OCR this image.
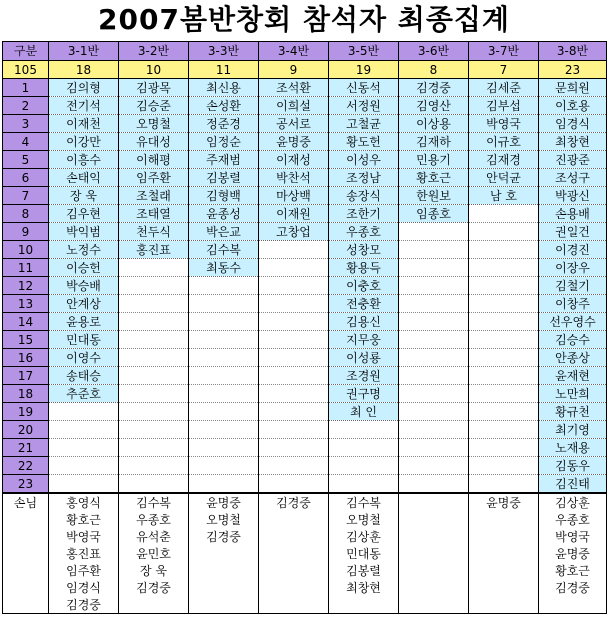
2007봄반창회 참석자 최종집계
구분	3-1반	3-2반	3-3반	3-4반	3-5반	3-6반	3-7반	3-8반
105	18	10	11	9	19	8	7	23
1	김의형	김광목	최신용	조석환	신동석	김경중	김세준	문희원
2	전기석	김승준	손성환	이희설	서정원	김영산	김부섭	이호용
3	이재천	오명철	정준경	공서로	고철균	이상용	박영국	임경식
4	이강만	유대성	임정순	윤명중	황도헌	김재하	이규호	최창현
5	이흥수	이해평	주재범	이재성	이성우	민용기	김재경	진광준
6	손태익	임주환	김봉렬	박찬석	조정남	황호근	안덕균	조성구
7	장 욱	조철래	김형백	마상백	송장식	한원보	남 호	박광신
8	김우현	조태열	윤종성	이재원	조한기	임종호		손용배
9	박익범	천두식	박은교	고창업	우종호			권일건
10	노정수	홍진표	김수복		성창모			이경진
11	이승헌		최동수		황용득			이장우
12	박승배				이충호			김철기
13	안계상				전충환			이창주
14	윤용로				김용신			선우영수
15	민대동				지무웅			김승수
16	이영수				이성룡			안종상
17	송태승				조경원			윤재현
18	추준호				권구명			노만희
19					최 인			황규천
20								최기영
21								노재용
22								김동우
23								김진태
손님	홍영식	김수복	윤명중	김경중	김수복		윤명중	김상훈
	황호근	우종호	오명철		오명철			우종호
	박영국	유석춘	김경중		김상훈			박영국
	홍진표	윤민호			민대동			윤명중
	임주환	장 욱			김봉렬			황호근
	임경식	김경중			최창현			김경중
	김경중							
